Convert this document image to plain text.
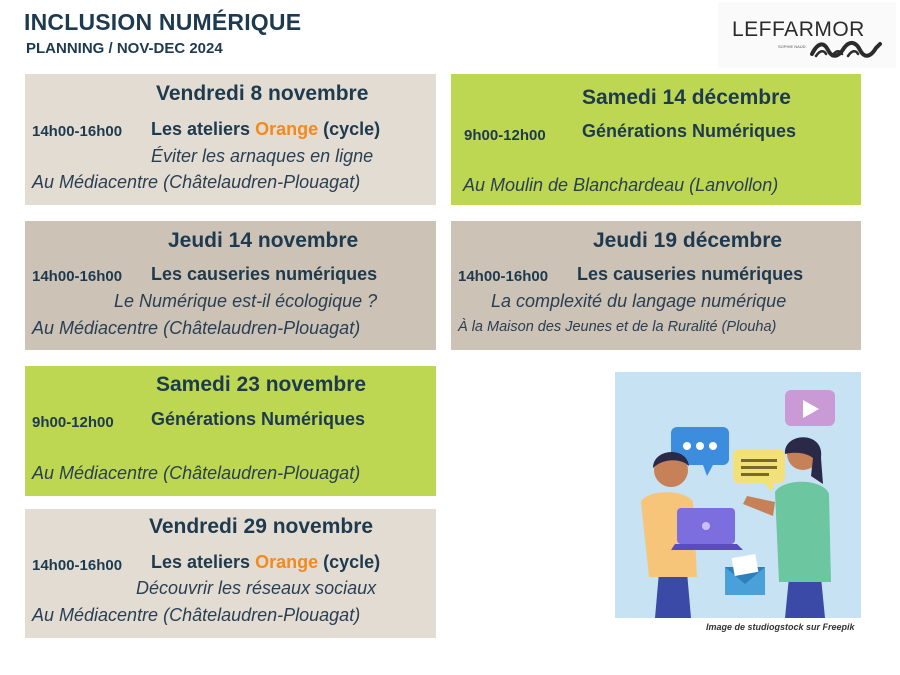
INCLUSION NUMÉRIQUE
PLANNING / NOV-DEC 2024
LEFFARMOR
SOPHIE NAUD
Vendredi 8 novembre
14h00-16h00 Les ateliers Orange (cycle)
Éviter les arnaques en ligne
Au Médiacentre (Châtelaudren-Plouagat)
Jeudi 14 novembre
14h00-16h00 Les causeries numériques
Le Numérique est-il écologique ?
Au Médiacentre (Châtelaudren-Plouagat)
Samedi 23 novembre
9h00-12h00 Générations Numériques
Au Médiacentre (Châtelaudren-Plouagat)
Vendredi 29 novembre
14h00-16h00 Les ateliers Orange (cycle)
Découvrir les réseaux sociaux
Au Médiacentre (Châtelaudren-Plouagat)
Samedi 14 décembre
9h00-12h00 Générations Numériques
Au Moulin de Blanchardeau (Lanvollon)
Jeudi 19 décembre
14h00-16h00 Les causeries numériques
La complexité du langage numérique
À la Maison des Jeunes et de la Ruralité (Plouha)
Image de studiogstock sur Freepik
